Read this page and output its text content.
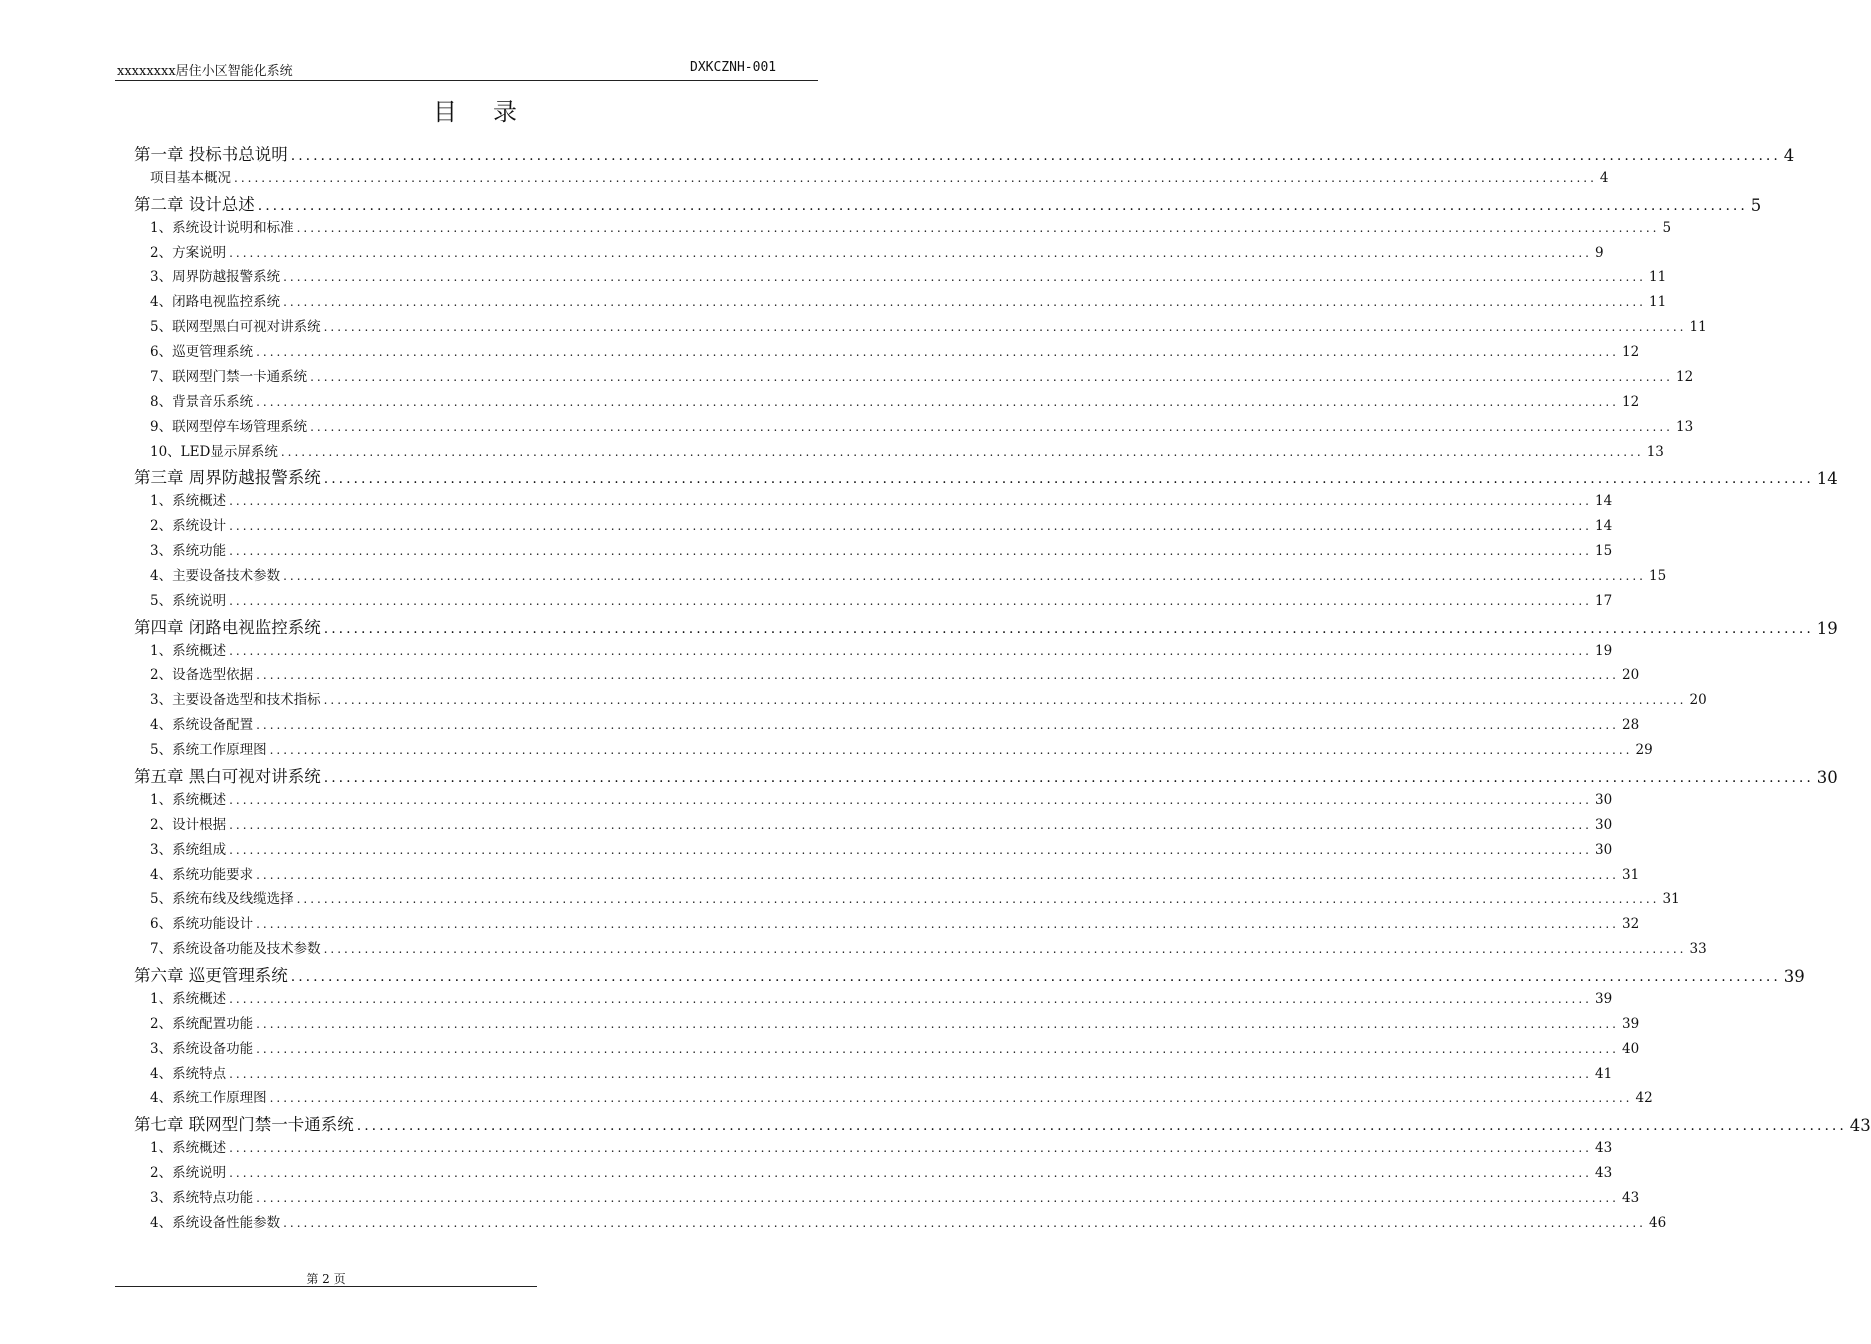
xxxxxxxx居住小区智能化系统	DXKCZNH-001
目录
第一章 投标书总说明 ........................................................................................................................................................................................................ 4
项目基本概况 ........................................................................................................................................................................................................ 4
第二章 设计总述 ........................................................................................................................................................................................................ 5
1、系统设计说明和标准 ........................................................................................................................................................................................................ 5
2、方案说明 ........................................................................................................................................................................................................ 9
3、周界防越报警系统 ........................................................................................................................................................................................................ 11
4、闭路电视监控系统 ........................................................................................................................................................................................................ 11
5、联网型黑白可视对讲系统 ........................................................................................................................................................................................................ 11
6、巡更管理系统 ........................................................................................................................................................................................................ 12
7、联网型门禁一卡通系统 ........................................................................................................................................................................................................ 12
8、背景音乐系统 ........................................................................................................................................................................................................ 12
9、联网型停车场管理系统 ........................................................................................................................................................................................................ 13
10、LED显示屏系统 ........................................................................................................................................................................................................ 13
第三章 周界防越报警系统 ........................................................................................................................................................................................................ 14
1、系统概述 ........................................................................................................................................................................................................ 14
2、系统设计 ........................................................................................................................................................................................................ 14
3、系统功能 ........................................................................................................................................................................................................ 15
4、主要设备技术参数 ........................................................................................................................................................................................................ 15
5、系统说明 ........................................................................................................................................................................................................ 17
第四章 闭路电视监控系统 ........................................................................................................................................................................................................ 19
1、系统概述 ........................................................................................................................................................................................................ 19
2、设备选型依据 ........................................................................................................................................................................................................ 20
3、主要设备选型和技术指标 ........................................................................................................................................................................................................ 20
4、系统设备配置 ........................................................................................................................................................................................................ 28
5、系统工作原理图 ........................................................................................................................................................................................................ 29
第五章 黑白可视对讲系统 ........................................................................................................................................................................................................ 30
1、系统概述 ........................................................................................................................................................................................................ 30
2、设计根据 ........................................................................................................................................................................................................ 30
3、系统组成 ........................................................................................................................................................................................................ 30
4、系统功能要求 ........................................................................................................................................................................................................ 31
5、系统布线及线缆选择 ........................................................................................................................................................................................................ 31
6、系统功能设计 ........................................................................................................................................................................................................ 32
7、系统设备功能及技术参数 ........................................................................................................................................................................................................ 33
第六章 巡更管理系统 ........................................................................................................................................................................................................ 39
1、系统概述 ........................................................................................................................................................................................................ 39
2、系统配置功能 ........................................................................................................................................................................................................ 39
3、系统设备功能 ........................................................................................................................................................................................................ 40
4、系统特点 ........................................................................................................................................................................................................ 41
4、系统工作原理图 ........................................................................................................................................................................................................ 42
第七章 联网型门禁一卡通系统 ........................................................................................................................................................................................................ 43
1、系统概述 ........................................................................................................................................................................................................ 43
2、系统说明 ........................................................................................................................................................................................................ 43
3、系统特点功能 ........................................................................................................................................................................................................ 43
4、系统设备性能参数 ........................................................................................................................................................................................................ 46
第 2 页
